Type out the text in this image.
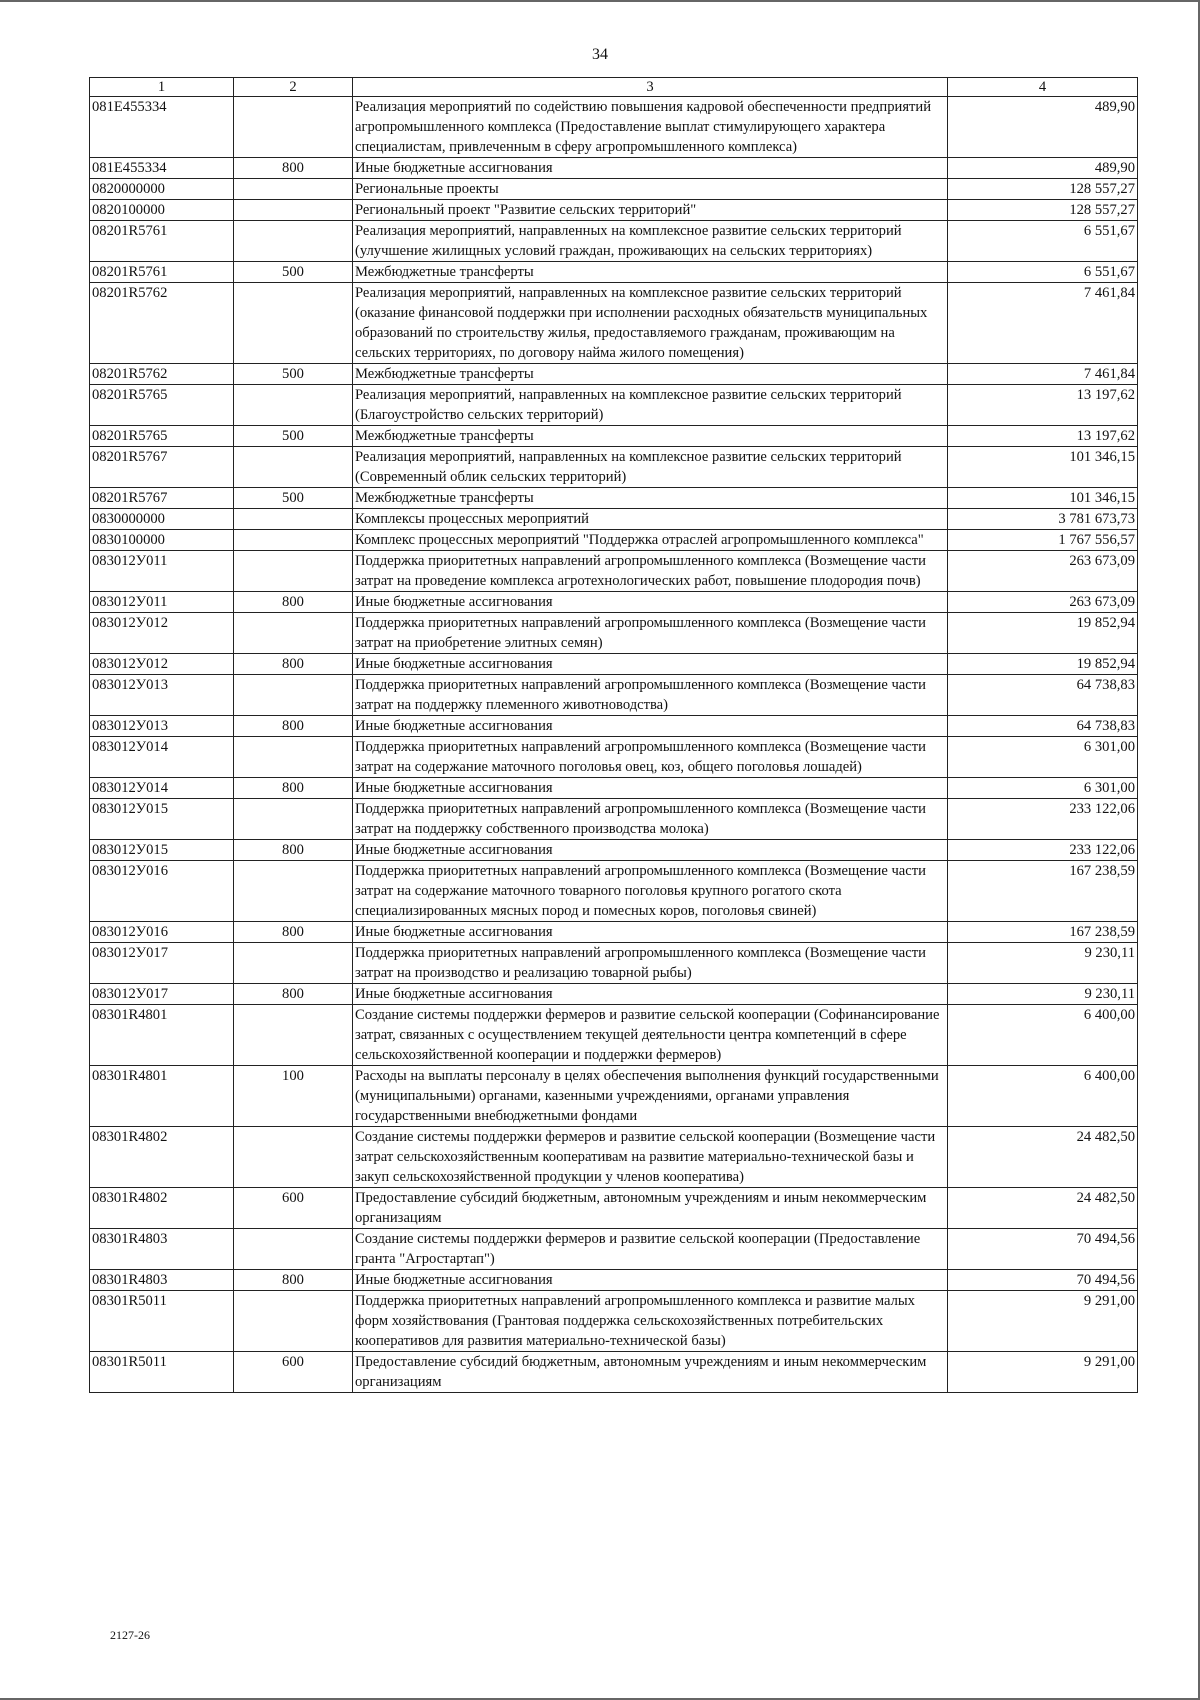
34
1	2	3	4
081E455334		Реализация мероприятий по содействию повышения кадровой обеспеченности предприятий агропромышленного комплекса (Предоставление выплат стимулирующего характера специалистам, привлеченным в сферу агропромышленного комплекса)	489,90
081E455334	800	Иные бюджетные ассигнования	489,90
0820000000		Региональные проекты	128 557,27
0820100000		Региональный проект "Развитие сельских территорий"	128 557,27
08201R5761		Реализация мероприятий, направленных на комплексное развитие сельских территорий (улучшение жилищных условий граждан, проживающих на сельских территориях)	6 551,67
08201R5761	500	Межбюджетные трансферты	6 551,67
08201R5762		Реализация мероприятий, направленных на комплексное развитие сельских территорий (оказание финансовой поддержки при исполнении расходных обязательств муниципальных образований по строительству жилья, предоставляемого гражданам, проживающим на сельских территориях, по договору найма жилого помещения)	7 461,84
08201R5762	500	Межбюджетные трансферты	7 461,84
08201R5765		Реализация мероприятий, направленных на комплексное развитие сельских территорий (Благоустройство сельских территорий)	13 197,62
08201R5765	500	Межбюджетные трансферты	13 197,62
08201R5767		Реализация мероприятий, направленных на комплексное развитие сельских территорий (Современный облик сельских территорий)	101 346,15
08201R5767	500	Межбюджетные трансферты	101 346,15
0830000000		Комплексы процессных мероприятий	3 781 673,73
0830100000		Комплекс процессных мероприятий "Поддержка отраслей агропромышленного комплекса"	1 767 556,57
083012У011		Поддержка приоритетных направлений агропромышленного комплекса (Возмещение части затрат на проведение комплекса агротехнологических работ, повышение плодородия почв)	263 673,09
083012У011	800	Иные бюджетные ассигнования	263 673,09
083012У012		Поддержка приоритетных направлений агропромышленного комплекса (Возмещение части затрат на приобретение элитных семян)	19 852,94
083012У012	800	Иные бюджетные ассигнования	19 852,94
083012У013		Поддержка приоритетных направлений агропромышленного комплекса (Возмещение части затрат на поддержку племенного животноводства)	64 738,83
083012У013	800	Иные бюджетные ассигнования	64 738,83
083012У014		Поддержка приоритетных направлений агропромышленного комплекса (Возмещение части затрат на содержание маточного поголовья овец, коз, общего поголовья лошадей)	6 301,00
083012У014	800	Иные бюджетные ассигнования	6 301,00
083012У015		Поддержка приоритетных направлений агропромышленного комплекса (Возмещение части затрат на поддержку собственного производства молока)	233 122,06
083012У015	800	Иные бюджетные ассигнования	233 122,06
083012У016		Поддержка приоритетных направлений агропромышленного комплекса (Возмещение части затрат на содержание маточного товарного поголовья крупного рогатого скота специализированных мясных пород и помесных коров, поголовья свиней)	167 238,59
083012У016	800	Иные бюджетные ассигнования	167 238,59
083012У017		Поддержка приоритетных направлений агропромышленного комплекса (Возмещение части затрат на производство и реализацию товарной рыбы)	9 230,11
083012У017	800	Иные бюджетные ассигнования	9 230,11
08301R4801		Создание системы поддержки фермеров и развитие сельской кооперации (Софинансирование затрат, связанных с осуществлением текущей деятельности центра компетенций в сфере сельскохозяйственной кооперации и поддержки фермеров)	6 400,00
08301R4801	100	Расходы на выплаты персоналу в целях обеспечения выполнения функций государственными (муниципальными) органами, казенными учреждениями, органами управления государственными внебюджетными фондами	6 400,00
08301R4802		Создание системы поддержки фермеров и развитие сельской кооперации (Возмещение части затрат сельскохозяйственным кооперативам на развитие материально-технической базы и закуп сельскохозяйственной продукции у членов кооператива)	24 482,50
08301R4802	600	Предоставление субсидий бюджетным, автономным учреждениям и иным некоммерческим организациям	24 482,50
08301R4803		Создание системы поддержки фермеров и развитие сельской кооперации (Предоставление гранта "Агростартап")	70 494,56
08301R4803	800	Иные бюджетные ассигнования	70 494,56
08301R5011		Поддержка приоритетных направлений агропромышленного комплекса и развитие малых форм хозяйствования (Грантовая поддержка сельскохозяйственных потребительских кооперативов для развития материально-технической базы)	9 291,00
08301R5011	600	Предоставление субсидий бюджетным, автономным учреждениям и иным некоммерческим организациям	9 291,00
2127-26
